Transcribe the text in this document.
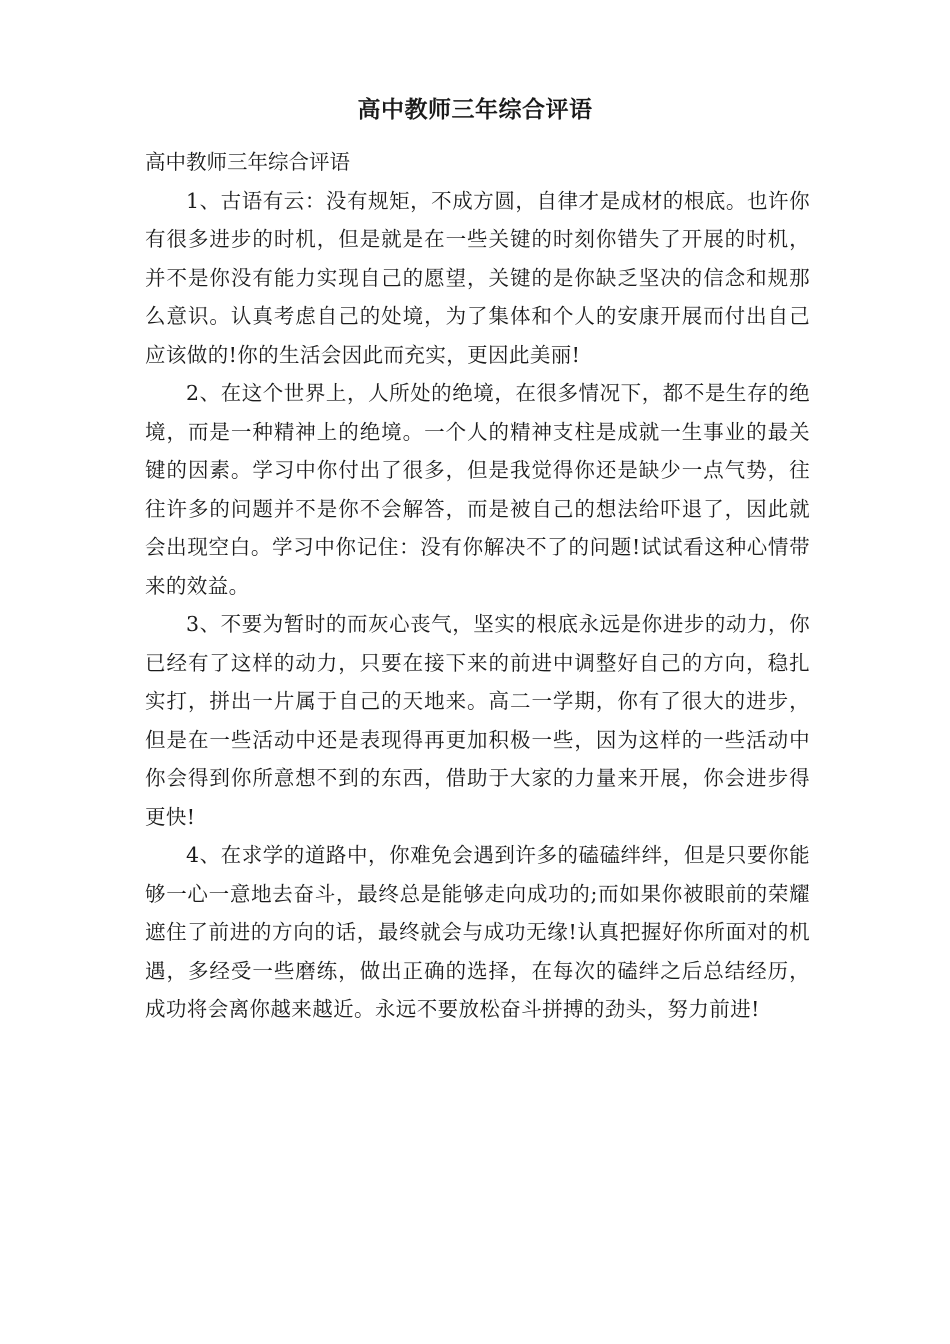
高中教师三年综合评语

高中教师三年综合评语

1、古语有云：没有规矩，不成方圆，自律才是成材的根底。也许你有很多进步的时机，但是就是在一些关键的时刻你错失了开展的时机，并不是你没有能力实现自己的愿望，关键的是你缺乏坚决的信念和规那么意识。认真考虑自己的处境，为了集体和个人的安康开展而付出自己应该做的!你的生活会因此而充实，更因此美丽!

2、在这个世界上，人所处的绝境，在很多情况下，都不是生存的绝境，而是一种精神上的绝境。一个人的精神支柱是成就一生事业的最关键的因素。学习中你付出了很多，但是我觉得你还是缺少一点气势，往往许多的问题并不是你不会解答，而是被自己的想法给吓退了，因此就会出现空白。学习中你记住：没有你解决不了的问题!试试看这种心情带来的效益。

3、不要为暂时的而灰心丧气，坚实的根底永远是你进步的动力，你已经有了这样的动力，只要在接下来的前进中调整好自己的方向，稳扎实打，拼出一片属于自己的天地来。高二一学期，你有了很大的进步，但是在一些活动中还是表现得再更加积极一些，因为这样的一些活动中你会得到你所意想不到的东西，借助于大家的力量来开展，你会进步得更快!

4、在求学的道路中，你难免会遇到许多的磕磕绊绊，但是只要你能够一心一意地去奋斗，最终总是能够走向成功的;而如果你被眼前的荣耀遮住了前进的方向的话，最终就会与成功无缘!认真把握好你所面对的机遇，多经受一些磨练，做出正确的选择，在每次的磕绊之后总结经历，成功将会离你越来越近。永远不要放松奋斗拼搏的劲头，努力前进!
